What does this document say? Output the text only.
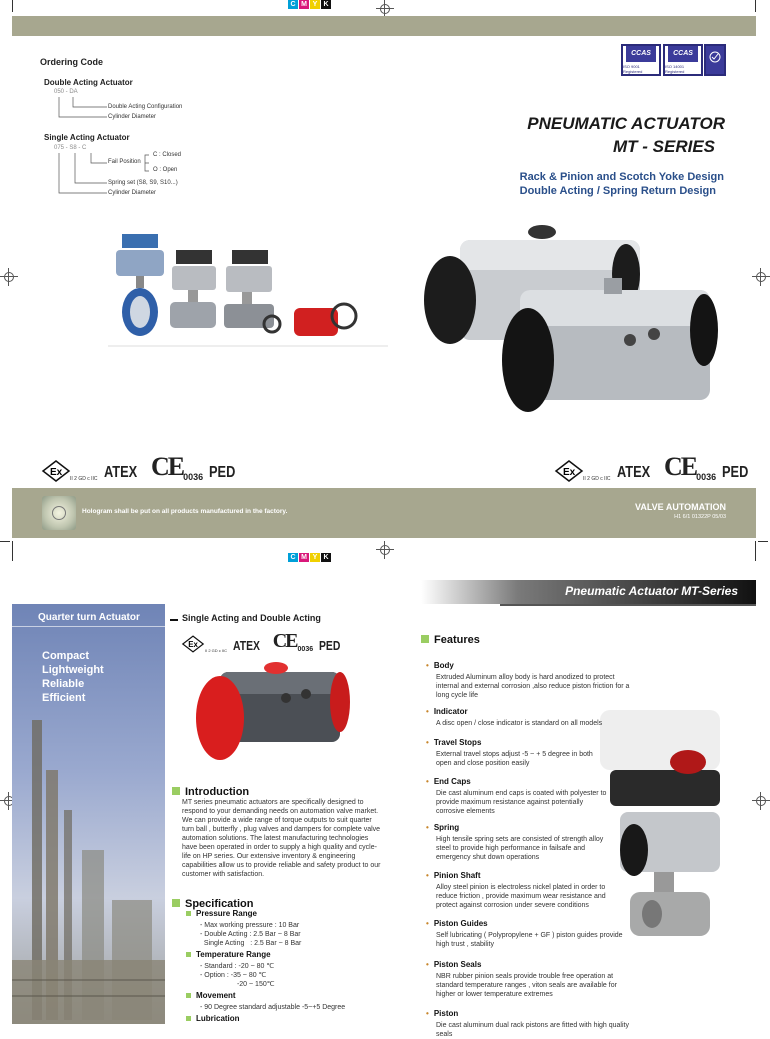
C M Y K
C M Y K
Ordering Code
Double Acting Actuator
050 - DA
Double Acting Configuration
Cylinder Diameter
Single Acting Actuator
075 - S8 - C
Fail Position
C : Closed
O : Open
Spring set (S8, S9, S10...)
Cylinder Diameter
CCAS
ISO 9001 Registered
CCAS
ISO 14001 Registered
PNEUMATIC ACTUATOR
MT - SERIES
Rack & Pinion and Scotch Yoke Design
Double Acting / Spring Return Design
Ex
II 2 GD c IIC ATEX CE 0036 PED	Ex
II 2 GD c IIC ATEX CE 0036 PED
Hologram shall be put on all products manufactured in the factory.	VALVE AUTOMATION
H1 6/1 01322P 05/03
Pneumatic Actuator MT-Series
Quarter turn Actuator
Compact
Lightweight
Reliable
Efficient
Single Acting and Double Acting
Ex
II 2 GD c IIC ATEX CE 0036 PED
Introduction
MT series pneumatic actuators are specifically designed to respond to your demanding needs on automation valve market. We can provide a wide range of torque outputs to suit quarter turn ball , butterfly , plug valves and dampers for complete valve automation solutions. The latest manufacturing technologies have been operated in order to supply a high quality and cycle-life on HP series. Our extensive inventory & engineering capabilities allow us to provide reliable and safety product to our customer with satisfaction.
Specification
Pressure Range
- Max working pressure : 10 Bar
- Double Acting : 2.5 Bar ~ 8 Bar
Single Acting   : 2.5 Bar ~ 8 Bar
Temperature Range
- Standard : -20 ~ 80 ℃
- Option : -35 ~ 80 ℃
-20 ~ 150℃
Movement
- 90 Degree standard adjustable -5~+5 Degree
Lubrication
Features
• Body
Extruded Aluminum alloy body is hard anodized to protect internal and external corrosion ,also reduce piston friction for a long cycle life
• Indicator
A disc open / close indicator is standard on all models
• Travel Stops
External travel stops adjust -5 ~ + 5 degree in both open and close position easily
• End Caps
Die cast aluminum end caps is coated with polyester to provide maximum resistance against potentially corrosive elements
• Spring
High tensile spring sets are consisted of strength alloy steel to provide high performance in failsafe and emergency shut down operations
• Pinion Shaft
Alloy steel pinion is electroless nickel plated in order to reduce friction , provide maximum wear resistance and protect against corrosion under severe conditions
• Piston Guides
Self lubricating ( Polypropylene + GF ) piston guides provide high trust , stability
• Piston Seals
NBR rubber pinion seals provide trouble free operation at standard temperature ranges , viton seals are available for higher or lower temperature extremes
• Piston
Die cast aluminum dual rack pistons are fitted with high quality seals
